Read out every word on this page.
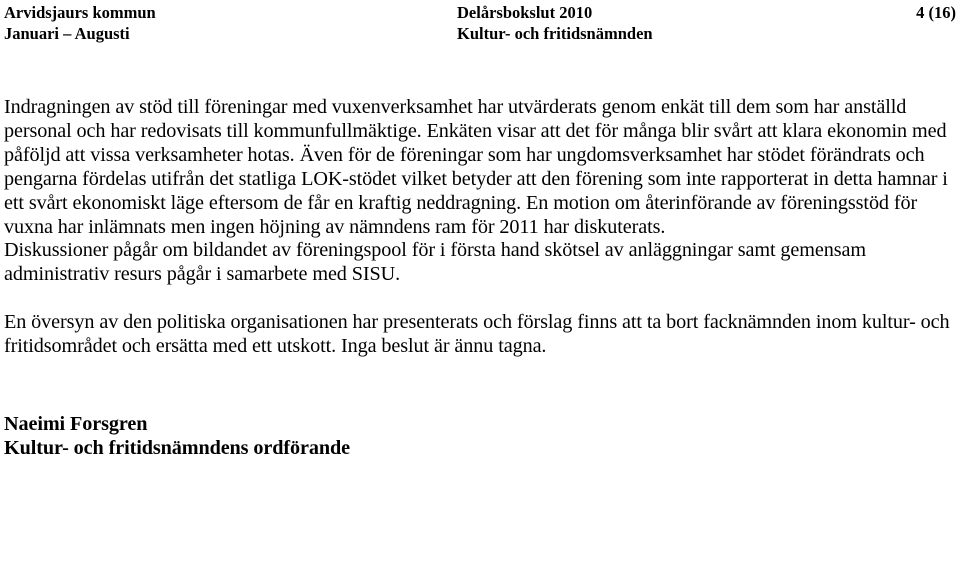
Arvidsjaurs kommun
Januari – Augusti
Delårsbokslut 2010
Kultur- och fritidsnämnden
4 (16)

Indragningen av stöd till föreningar med vuxenverksamhet har utvärderats genom enkät till dem som har anställd personal och har redovisats till kommunfullmäktige. Enkäten visar att det för många blir svårt att klara ekonomin med påföljd att vissa verksamheter hotas. Även för de föreningar som har ungdomsverksamhet har stödet förändrats och pengarna fördelas utifrån det statliga LOK-stödet vilket betyder att den förening som inte rapporterat in detta hamnar i ett svårt ekonomiskt läge eftersom de får en kraftig neddragning. En motion om återinförande av föreningsstöd för vuxna har inlämnats men ingen höjning av nämndens ram för 2011 har diskuterats.

Diskussioner pågår om bildandet av föreningspool för i första hand skötsel av anläggningar samt gemensam administrativ resurs pågår i samarbete med SISU.

En översyn av den politiska organisationen har presenterats och förslag finns att ta bort facknämnden inom kultur- och fritidsområdet och ersätta med ett utskott. Inga beslut är ännu tagna.

Naeimi Forsgren
Kultur- och fritidsnämndens ordförande
